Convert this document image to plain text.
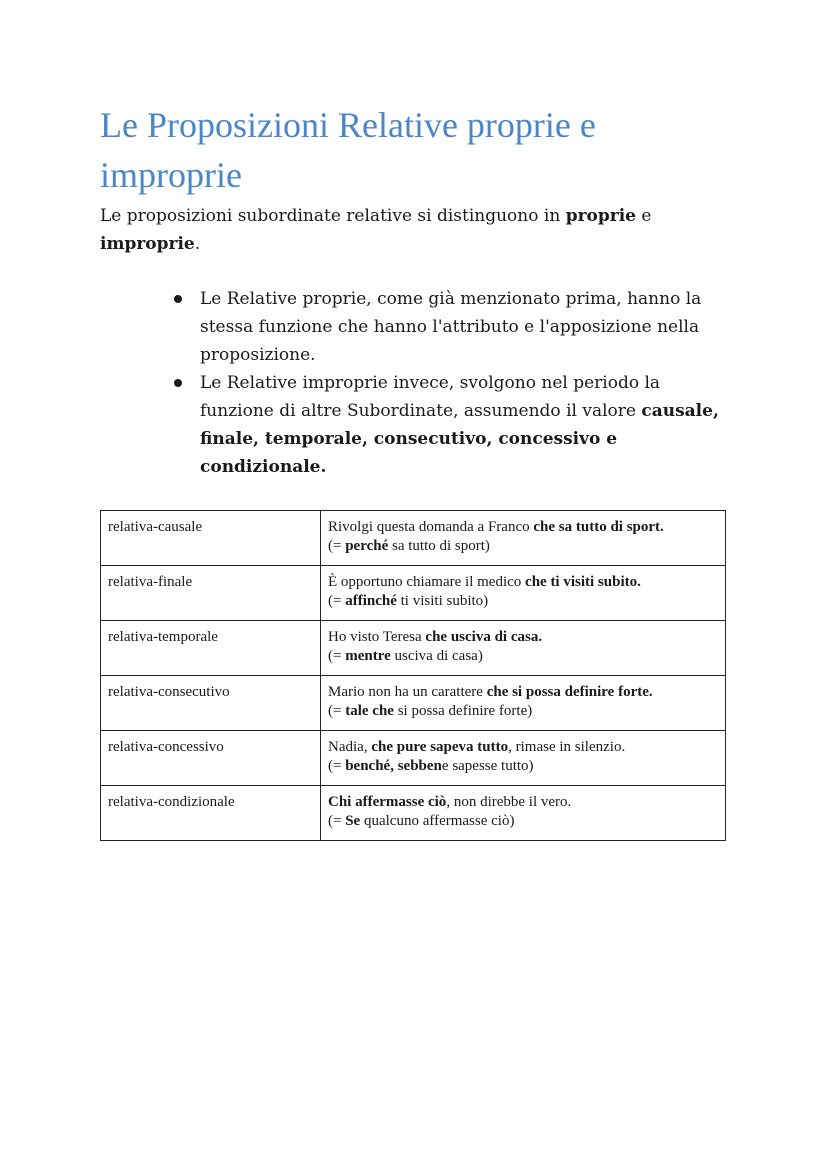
Le Proposizioni Relative proprie e improprie

Le proposizioni subordinate relative si distinguono in proprie e improprie.

Le Relative proprie, come già menzionato prima, hanno la stessa funzione che hanno l'attributo e l'apposizione nella proposizione.
Le Relative improprie invece, svolgono nel periodo la funzione di altre Subordinate, assumendo il valore causale, finale, temporale, consecutivo, concessivo e condizionale.
relativa-causale	Rivolgi questa domanda a Franco che sa tutto di sport.
(= perché sa tutto di sport)

relativa-finale	È opportuno chiamare il medico che ti visiti subito.
(= affinché ti visiti subito)

relativa-temporale	Ho visto Teresa che usciva di casa.
(= mentre usciva di casa)

relativa-consecutivo	Mario non ha un carattere che si possa definire forte.
(= tale che si possa definire forte)

relativa-concessivo	Nadia, che pure sapeva tutto, rimase in silenzio.
(= benché, sebbene sapesse tutto)

relativa-condizionale	Chi affermasse ciò, non direbbe il vero.
(= Se qualcuno affermasse ciò)
